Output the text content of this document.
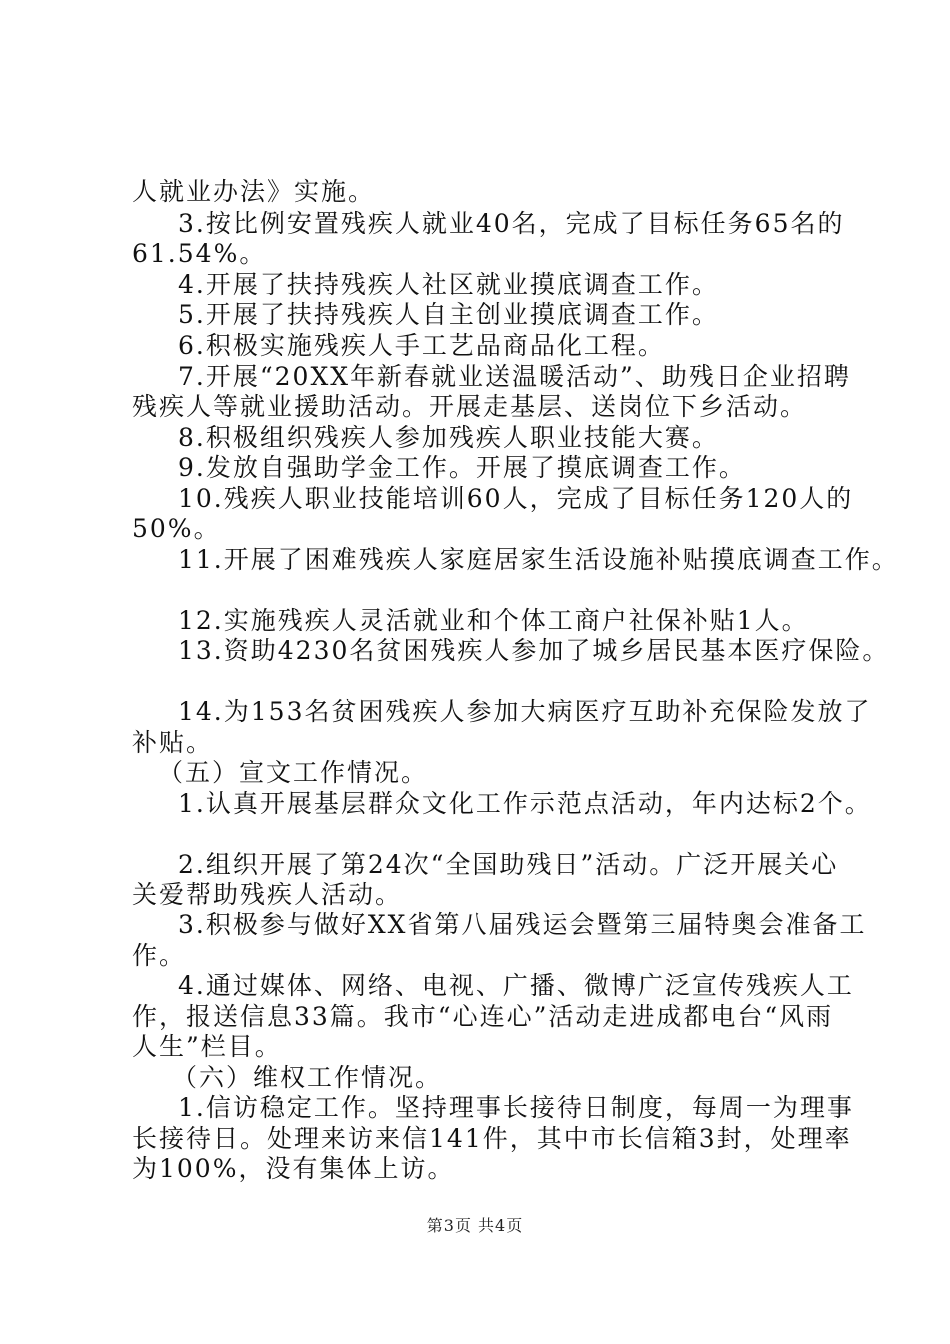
人就业办法》实施。
3.按比例安置残疾人就业40名，完成了目标任务65名的
61.54%。
4.开展了扶持残疾人社区就业摸底调查工作。
5.开展了扶持残疾人自主创业摸底调查工作。
6.积极实施残疾人手工艺品商品化工程。
7.开展“20XX年新春就业送温暖活动”、助残日企业招聘
残疾人等就业援助活动。开展走基层、送岗位下乡活动。
8.积极组织残疾人参加残疾人职业技能大赛。
9.发放自强助学金工作。开展了摸底调查工作。
10.残疾人职业技能培训60人，完成了目标任务120人的
50%。
11.开展了困难残疾人家庭居家生活设施补贴摸底调查工作。
12.实施残疾人灵活就业和个体工商户社保补贴1人。
13.资助4230名贫困残疾人参加了城乡居民基本医疗保险。
14.为153名贫困残疾人参加大病医疗互助补充保险发放了
补贴。
（五）宣文工作情况。
1.认真开展基层群众文化工作示范点活动，年内达标2个。
2.组织开展了第24次“全国助残日”活动。广泛开展关心
关爱帮助残疾人活动。
3.积极参与做好XX省第八届残运会暨第三届特奥会准备工
作。
4.通过媒体、网络、电视、广播、微博广泛宣传残疾人工
作，报送信息33篇。我市“心连心”活动走进成都电台“风雨
人生”栏目。
（六）维权工作情况。
1.信访稳定工作。坚持理事长接待日制度，每周一为理事
长接待日。处理来访来信141件，其中市长信箱3封，处理率
为100%，没有集体上访。
第3页 共4页
